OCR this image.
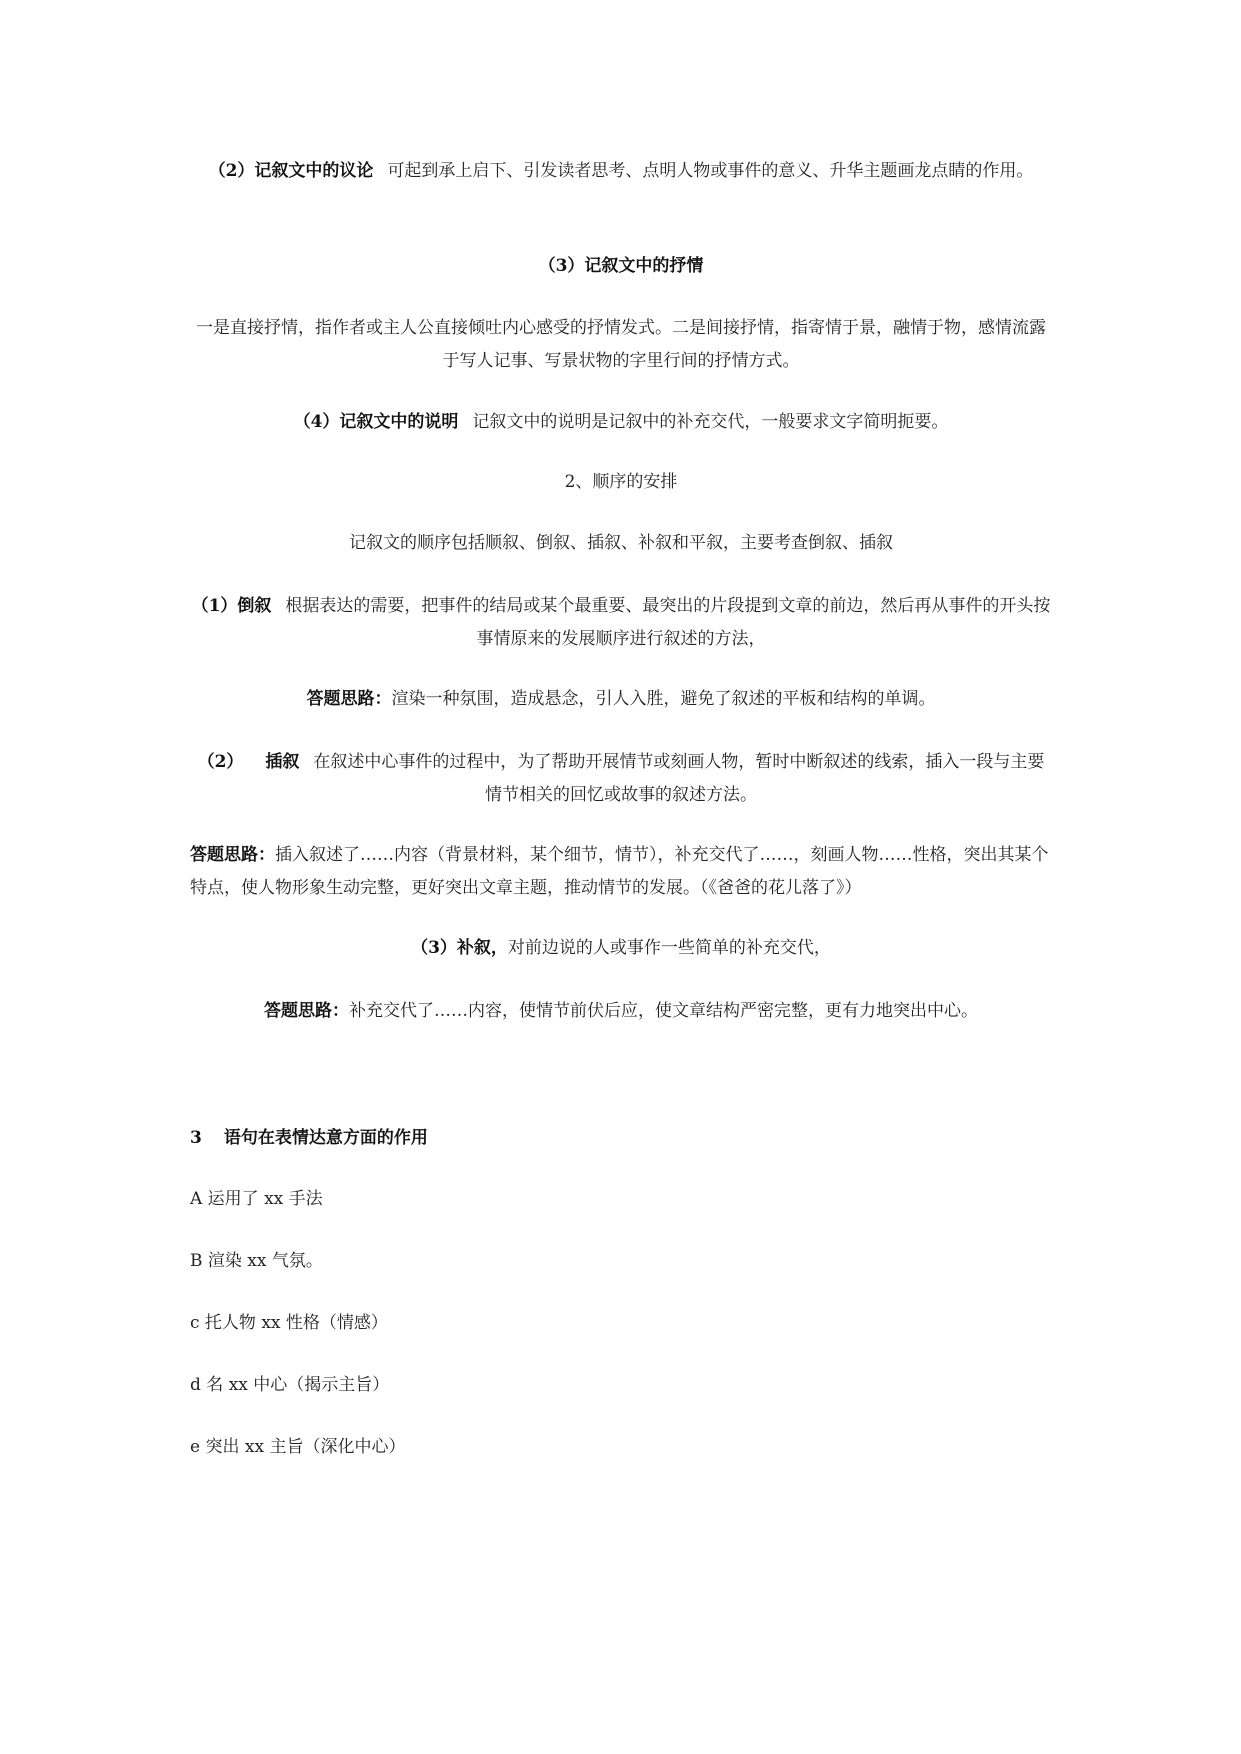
（2）记叙文中的议论 可起到承上启下、引发读者思考、点明人物或事件的意义、升华主题画龙点睛的作用。

（3）记叙文中的抒情

一是直接抒情，指作者或主人公直接倾吐内心感受的抒情发式。二是间接抒情，指寄情于景，融情于物，感情流露于写人记事、写景状物的字里行间的抒情方式。

（4）记叙文中的说明 记叙文中的说明是记叙中的补充交代，一般要求文字简明扼要。

2、顺序的安排

记叙文的顺序包括顺叙、倒叙、插叙、补叙和平叙，主要考查倒叙、插叙

（1）倒叙 根据表达的需要，把事件的结局或某个最重要、最突出的片段提到文章的前边，然后再从事件的开头按事情原来的发展顺序进行叙述的方法，

答题思路：渲染一种氛围，造成悬念，引人入胜，避免了叙述的平板和结构的单调。

（2） 插叙 在叙述中心事件的过程中，为了帮助开展情节或刻画人物，暂时中断叙述的线索，插入一段与主要情节相关的回忆或故事的叙述方法。

答题思路：插入叙述了……内容（背景材料，某个细节，情节），补充交代了……，刻画人物……性格，突出其某个特点，使人物形象生动完整，更好突出文章主题，推动情节的发展。（《爸爸的花儿落了》）

（3）补叙，对前边说的人或事作一些简单的补充交代，

答题思路：补充交代了……内容，使情节前伏后应，使文章结构严密完整，更有力地突出中心。

3 语句在表情达意方面的作用

A 运用了 xx 手法

B 渲染 xx 气氛。

c 托人物 xx 性格（情感）

d 名 xx 中心（揭示主旨）

e 突出 xx 主旨（深化中心）
